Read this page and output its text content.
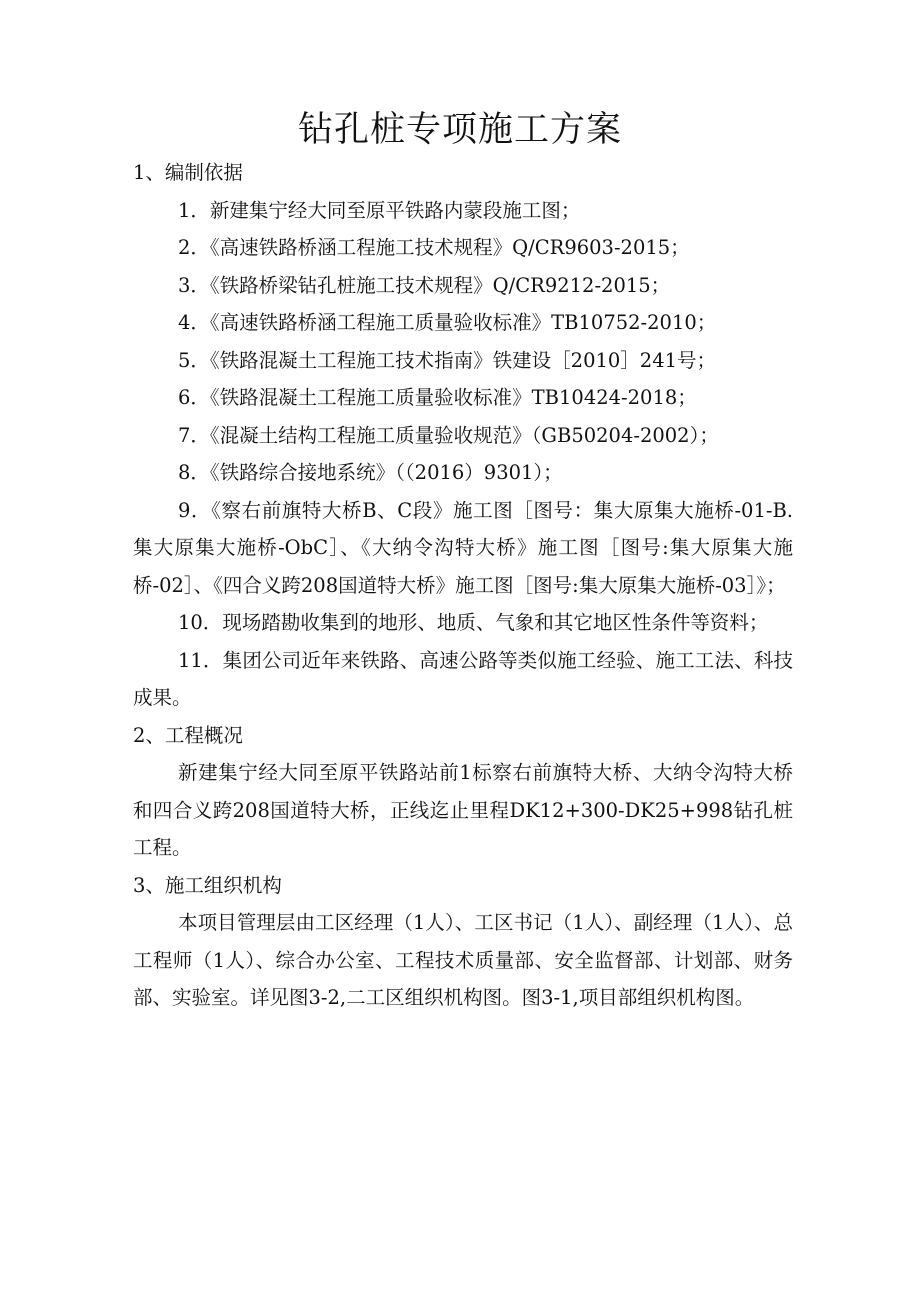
钻孔桩专项施工方案

1、编制依据

1．新建集宁经大同至原平铁路内蒙段施工图；

2．《高速铁路桥涵工程施工技术规程》Q/CR9603-2015；

3．《铁路桥梁钻孔桩施工技术规程》Q/CR9212-2015；

4．《高速铁路桥涵工程施工质量验收标准》TB10752-2010；

5．《铁路混凝土工程施工技术指南》铁建设［2010］241号；

6．《铁路混凝土工程施工质量验收标准》TB10424-2018；

7．《混凝土结构工程施工质量验收规范》（GB50204-2002）；

8．《铁路综合接地系统》（（2016）9301）；

9．《察右前旗特大桥B、C段》施工图［图号：集大原集大施桥-01-B.集大原集大施桥-ObC］、《大纳令沟特大桥》施工图［图号:集大原集大施桥-02］、《四合义跨208国道特大桥》施工图［图号:集大原集大施桥-03］》；

10．现场踏勘收集到的地形、地质、气象和其它地区性条件等资料；

11．集团公司近年来铁路、高速公路等类似施工经验、施工工法、科技成果。

2、工程概况

新建集宁经大同至原平铁路站前1标察右前旗特大桥、大纳令沟特大桥和四合义跨208国道特大桥，正线迄止里程DK12+300-DK25+998钻孔桩工程。

3、施工组织机构

本项目管理层由工区经理（1人）、工区书记（1人）、副经理（1人）、总工程师（1人）、综合办公室、工程技术质量部、安全监督部、计划部、财务部、实验室。详见图3-2,二工区组织机构图。图3-1,项目部组织机构图。
